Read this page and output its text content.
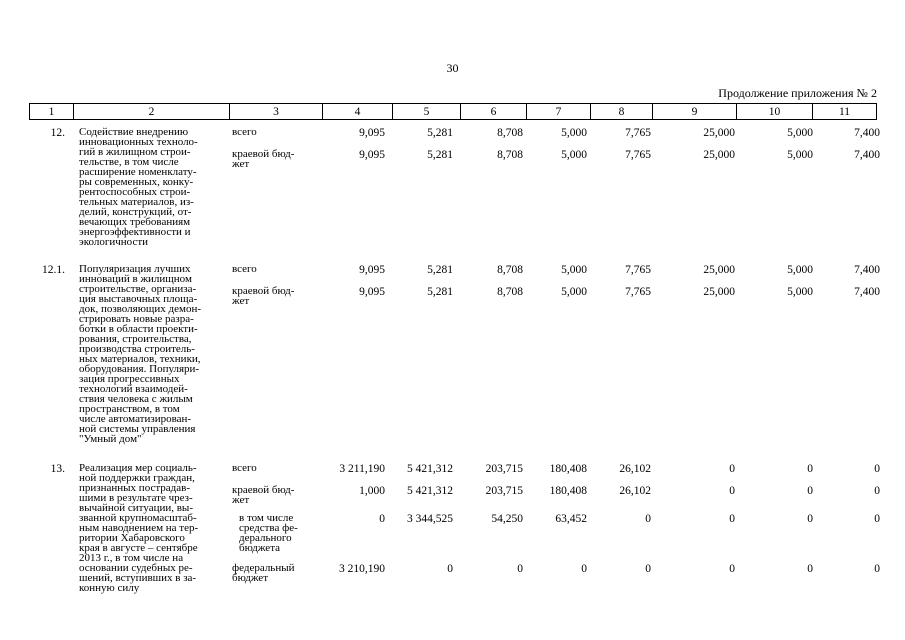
30
Продолжение приложения № 2
1	2	3	4	5	6	7	8	9	10	11
12. Содействие внедрению
инновационных техноло-
гий в жилищном строи-
тельстве, в том числе
расширение номенклату-
ры современных, конку-
рентоспособных строи-
тельных материалов, из-
делий, конструкций, от-
вечающих требованиям
энергоэффективности и
экологичности
всего	9,095	5,281	8,708	5,000	7,765	25,000	5,000	7,400
краевой бюд-
жет
9,095	5,281	8,708	5,000	7,765	25,000	5,000	7,400
12.1. Популяризация лучших
инноваций в жилищном
строительстве, организа-
ция выставочных площа-
док, позволяющих демон-
стрировать новые разра-
ботки в области проекти-
рования, строительства,
производства строитель-
ных материалов, техники,
оборудования. Популяри-
зация прогрессивных
технологий взаимодей-
ствия человека с жилым
пространством, в том
числе автоматизирован-
ной системы управления
"Умный дом"
всего	9,095	5,281	8,708	5,000	7,765	25,000	5,000	7,400
краевой бюд-
жет
9,095	5,281	8,708	5,000	7,765	25,000	5,000	7,400
13. Реализация мер социаль-
ной поддержки граждан,
признанных пострадав-
шими в результате чрез-
вычайной ситуации, вы-
званной крупномасштаб-
ным наводнением на тер-
ритории Хабаровского
края в августе – сентябре
2013 г., в том числе на
основании судебных ре-
шений, вступивших в за-
конную силу
всего	3 211,190	5 421,312	203,715	180,408	26,102	0	0	0
краевой бюд-
жет
1,000	5 421,312	203,715	180,408	26,102	0	0	0
в том числе
средства фе-
дерального
бюджета
0	3 344,525	54,250	63,452	0	0	0	0
федеральный
бюджет
3 210,190	0	0	0	0	0	0	0
